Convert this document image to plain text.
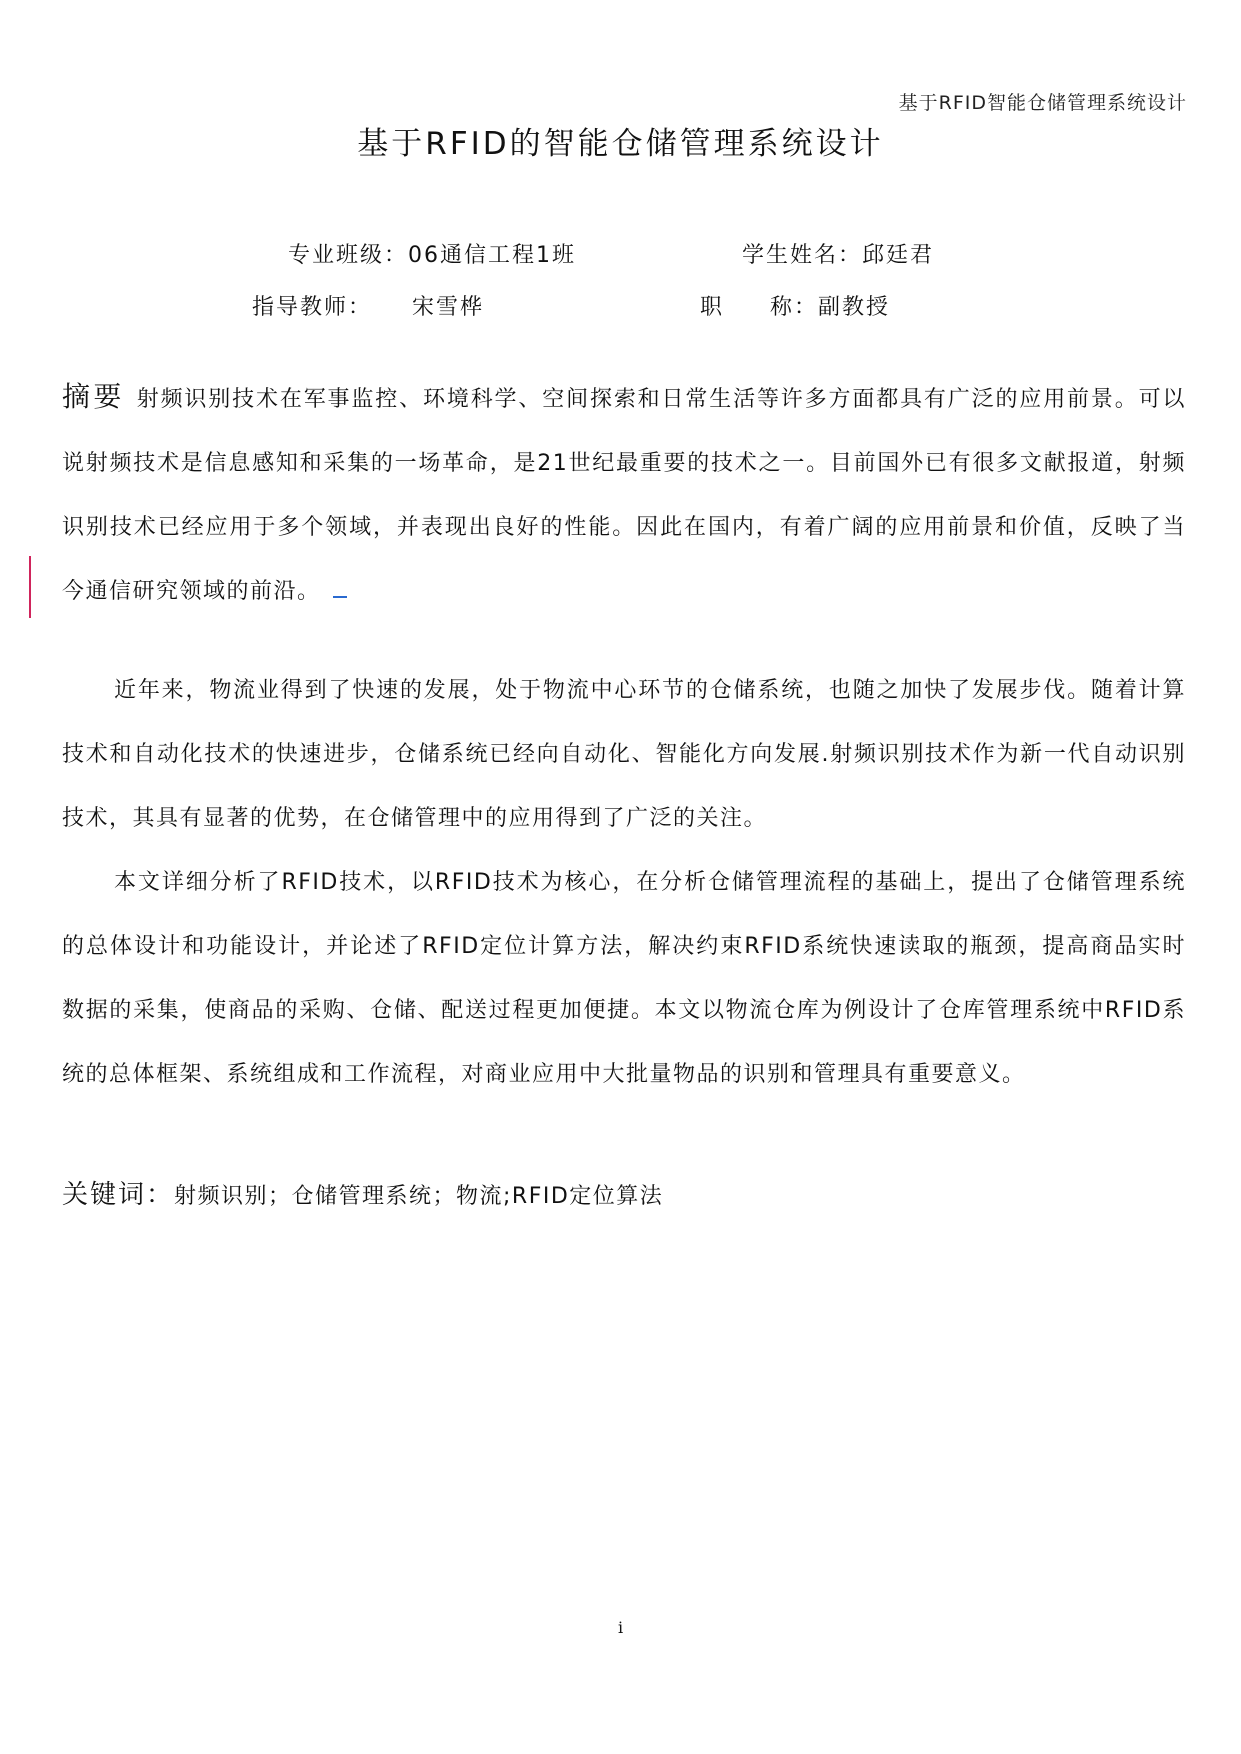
基于RFID智能仓储管理系统设计
基于RFID的智能仓储管理系统设计
专业班级：06通信工程1班	学生姓名：邱廷君
指导教师： 宋雪桦	职 称：副教授
摘要 射频识别技术在军事监控、环境科学、空间探索和日常生活等许多方面都具有广泛的应用前景。可以说射频技术是信息感知和采集的一场革命，是21世纪最重要的技术之一。目前国外已有很多文献报道，射频识别技术已经应用于多个领域，并表现出良好的性能。因此在国内，有着广阔的应用前景和价值，反映了当今通信研究领域的前沿。
近年来，物流业得到了快速的发展，处于物流中心环节的仓储系统，也随之加快了发展步伐。随着计算技术和自动化技术的快速进步，仓储系统已经向自动化、智能化方向发展.射频识别技术作为新一代自动识别技术，其具有显著的优势，在仓储管理中的应用得到了广泛的关注。
本文详细分析了RFID技术，以RFID技术为核心，在分析仓储管理流程的基础上，提出了仓储管理系统的总体设计和功能设计，并论述了RFID定位计算方法，解决约束RFID系统快速读取的瓶颈，提高商品实时数据的采集，使商品的采购、仓储、配送过程更加便捷。本文以物流仓库为例设计了仓库管理系统中RFID系统的总体框架、系统组成和工作流程，对商业应用中大批量物品的识别和管理具有重要意义。
关键词：射频识别；仓储管理系统；物流;RFID定位算法
i
